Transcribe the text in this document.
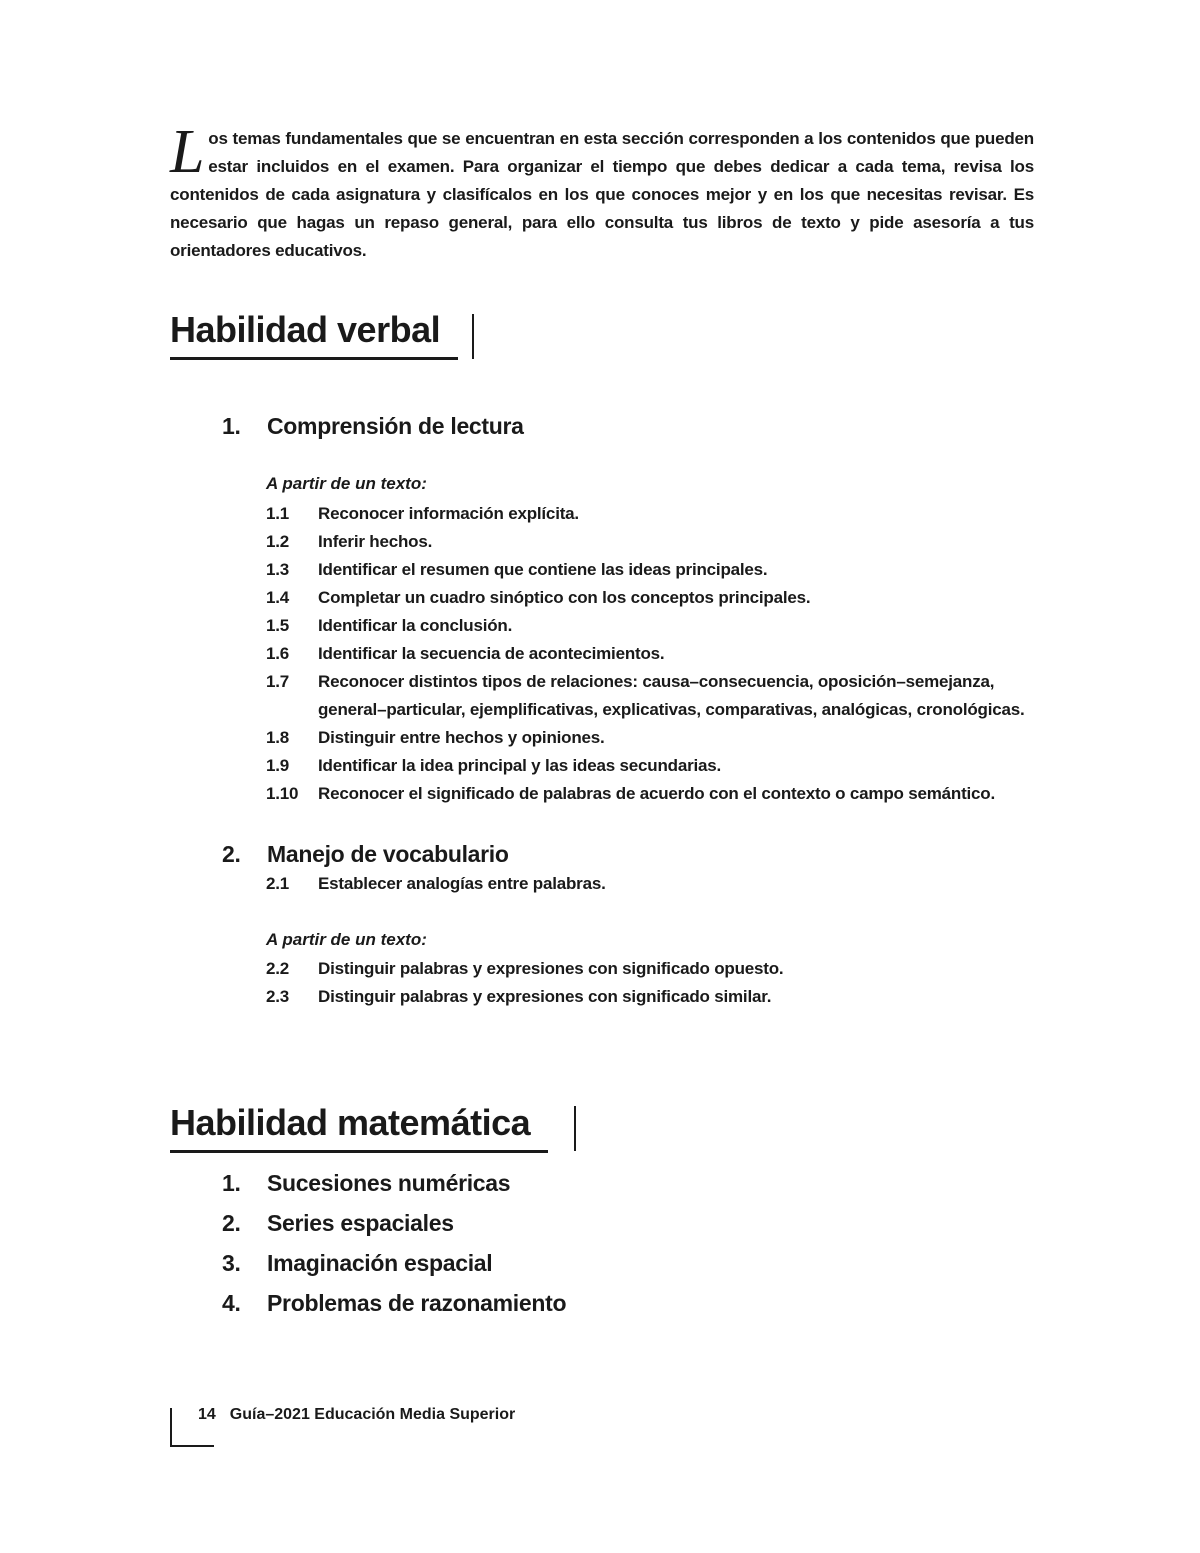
Los temas fundamentales que se encuentran en esta sección corresponden a los contenidos que pueden estar incluidos en el examen. Para organizar el tiempo que debes dedicar a cada tema, revisa los contenidos de cada asignatura y clasifícalos en los que conoces mejor y en los que necesitas revisar. Es necesario que hagas un repaso general, para ello consulta tus libros de texto y pide asesoría a tus orientadores educativos.
Habilidad verbal
1. Comprensión de lectura
A partir de un texto:
1.1 Reconocer información explícita.
1.2 Inferir hechos.
1.3 Identificar el resumen que contiene las ideas principales.
1.4 Completar un cuadro sinóptico con los conceptos principales.
1.5 Identificar la conclusión.
1.6 Identificar la secuencia de acontecimientos.
1.7 Reconocer distintos tipos de relaciones: causa–consecuencia, oposición–semejanza, general–particular, ejemplificativas, explicativas, comparativas, analógicas, cronológicas.
1.8 Distinguir entre hechos y opiniones.
1.9 Identificar la idea principal y las ideas secundarias.
1.10 Reconocer el significado de palabras de acuerdo con el contexto o campo semántico.
2. Manejo de vocabulario
2.1 Establecer analogías entre palabras.
A partir de un texto:
2.2 Distinguir palabras y expresiones con significado opuesto.
2.3 Distinguir palabras y expresiones con significado similar.
Habilidad matemática
1. Sucesiones numéricas
2. Series espaciales
3. Imaginación espacial
4. Problemas de razonamiento
14 Guía–2021 Educación Media Superior
